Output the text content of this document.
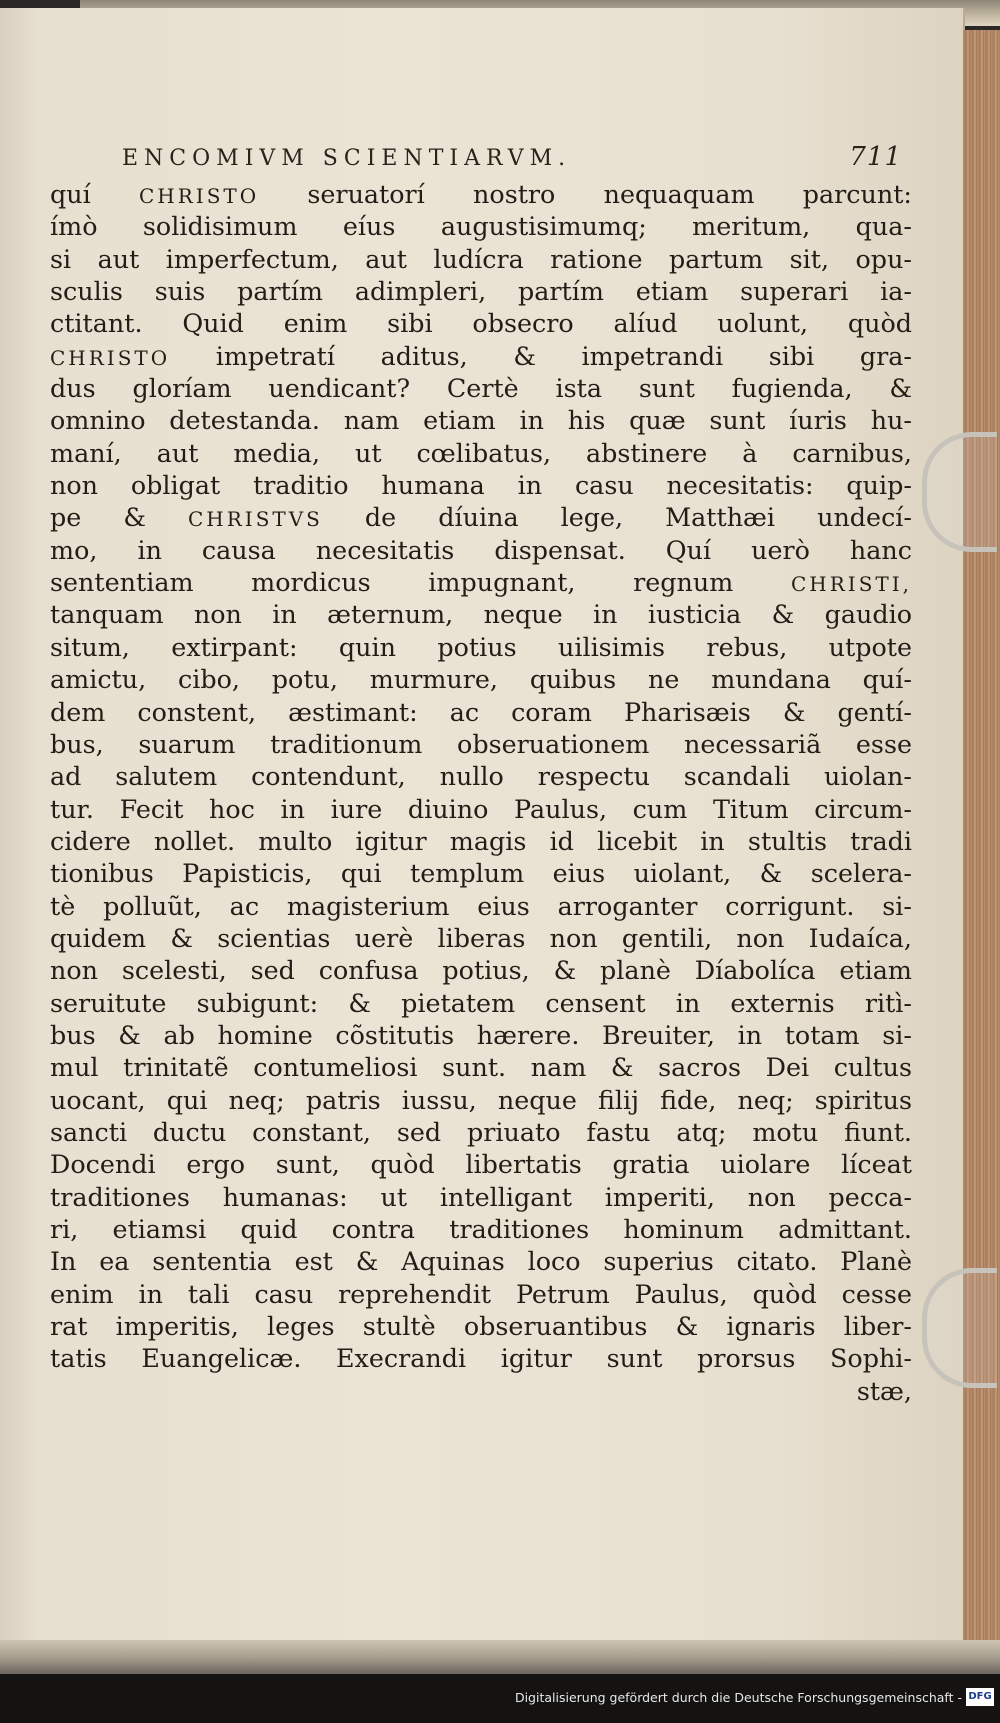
ENCOMIVM SCIENTIARVM.	711
quí CHRISTO seruatorí nostro nequaquam parcunt:
ímò solidisimum eíus augustisimumq; meritum, qua-
si aut imperfectum, aut ludícra ratione partum sit, opu-
sculis suis partím adimpleri, partím etiam superari ia-
ctitant. Quid enim sibi obsecro alíud uolunt, quòd
CHRISTO impetratí aditus, & impetrandi sibi gra-
dus gloríam uendicant? Certè ista sunt fugienda, &
omnino detestanda. nam etiam in his quæ sunt íuris hu-
maní, aut media, ut cœlibatus, abstinere à carnibus,
non obligat traditio humana in casu necesitatis: quip-
pe & CHRISTVS de díuina lege, Matthæi undecí-
mo, in causa necesitatis dispensat. Quí uerò hanc
sententiam mordicus impugnant, regnum CHRISTI,
tanquam non in æternum, neque in iusticia & gaudio
situm, extirpant: quin potius uilisimis rebus, utpote
amictu, cibo, potu, murmure, quibus ne mundana quí-
dem constent, æstimant: ac coram Pharisæis & gentí-
bus, suarum traditionum obseruationem necessariã esse
ad salutem contendunt, nullo respectu scandali uiolan-
tur. Fecit hoc in iure diuino Paulus, cum Titum circum-
cidere nollet. multo igitur magis id licebit in stultis tradi
tionibus Papisticis, qui templum eius uiolant, & scelera-
tè polluũt, ac magisterium eius arroganter corrigunt. si-
quidem & scientias uerè liberas non gentili, non Iudaíca,
non scelesti, sed confusa potius, & planè Díabolíca etiam
seruitute subigunt: & pietatem censent in externis ritì-
bus & ab homine cõstitutis hærere. Breuiter, in totam si-
mul trinitatẽ contumeliosi sunt. nam & sacros Dei cultus
uocant, qui neq; patris iussu, neque filij fide, neq; spiritus
sancti ductu constant, sed priuato fastu atq; motu fiunt.
Docendi ergo sunt, quòd libertatis gratia uiolare líceat
traditiones humanas: ut intelligant imperiti, non pecca-
ri, etiamsi quid contra traditiones hominum admittant.
In ea sententia est & Aquinas loco superius citato. Planè
enim in tali casu reprehendit Petrum Paulus, quòd cesse
rat imperitis, leges stultè obseruantibus & ignaris liber-
tatis Euangelicæ. Execrandi igitur sunt prorsus Sophi-
stæ,
Digitalisierung gefördert durch die Deutsche Forschungsgemeinschaft - DFG
